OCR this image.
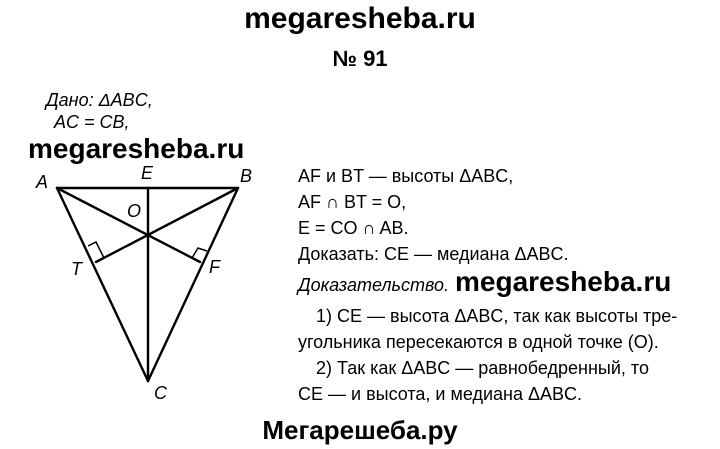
megaresheba.ru
№ 91
Дано: ΔABC,
AC = CB,
megaresheba.ru
A	E	B
O
T	F
C
AF и BT — высоты ΔABC,
AF ∩ BT = O,
E = CO ∩ AB.
Доказать: CE — медиана ΔABC.
Доказательство. megaresheba.ru
1) CE — высота ΔABC, так как высоты тре-
угольника пересекаются в одной точке (O).
2) Так как ΔABC — равнобедренный, то
CE — и высота, и медиана ΔABC.
Мегарешеба.ру
